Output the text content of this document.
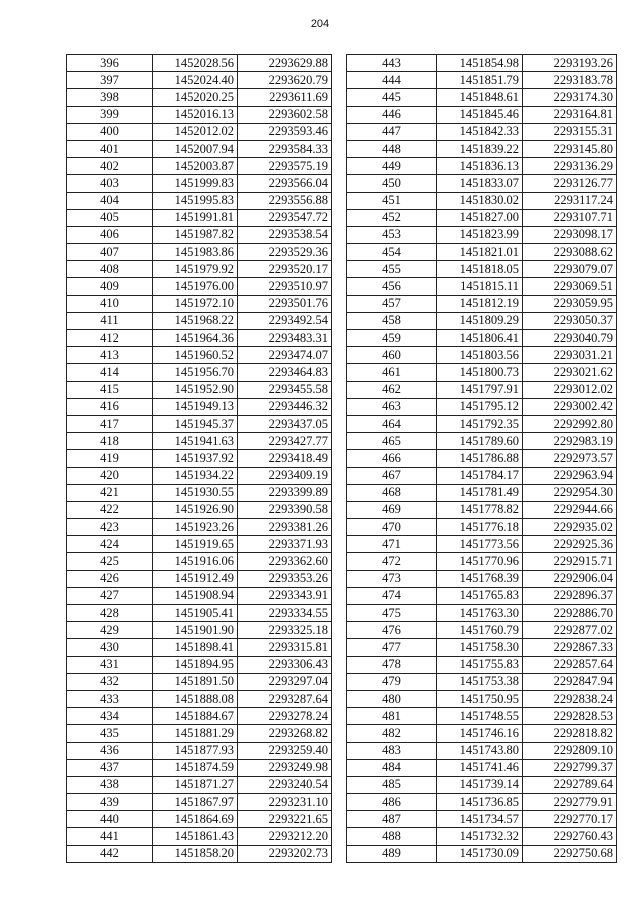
204
396	1452028.56	2293629.88
397	1452024.40	2293620.79
398	1452020.25	2293611.69
399	1452016.13	2293602.58
400	1452012.02	2293593.46
401	1452007.94	2293584.33
402	1452003.87	2293575.19
403	1451999.83	2293566.04
404	1451995.83	2293556.88
405	1451991.81	2293547.72
406	1451987.82	2293538.54
407	1451983.86	2293529.36
408	1451979.92	2293520.17
409	1451976.00	2293510.97
410	1451972.10	2293501.76
411	1451968.22	2293492.54
412	1451964.36	2293483.31
413	1451960.52	2293474.07
414	1451956.70	2293464.83
415	1451952.90	2293455.58
416	1451949.13	2293446.32
417	1451945.37	2293437.05
418	1451941.63	2293427.77
419	1451937.92	2293418.49
420	1451934.22	2293409.19
421	1451930.55	2293399.89
422	1451926.90	2293390.58
423	1451923.26	2293381.26
424	1451919.65	2293371.93
425	1451916.06	2293362.60
426	1451912.49	2293353.26
427	1451908.94	2293343.91
428	1451905.41	2293334.55
429	1451901.90	2293325.18
430	1451898.41	2293315.81
431	1451894.95	2293306.43
432	1451891.50	2293297.04
433	1451888.08	2293287.64
434	1451884.67	2293278.24
435	1451881.29	2293268.82
436	1451877.93	2293259.40
437	1451874.59	2293249.98
438	1451871.27	2293240.54
439	1451867.97	2293231.10
440	1451864.69	2293221.65
441	1451861.43	2293212.20
442	1451858.20	2293202.73
443	1451854.98	2293193.26
444	1451851.79	2293183.78
445	1451848.61	2293174.30
446	1451845.46	2293164.81
447	1451842.33	2293155.31
448	1451839.22	2293145.80
449	1451836.13	2293136.29
450	1451833.07	2293126.77
451	1451830.02	2293117.24
452	1451827.00	2293107.71
453	1451823.99	2293098.17
454	1451821.01	2293088.62
455	1451818.05	2293079.07
456	1451815.11	2293069.51
457	1451812.19	2293059.95
458	1451809.29	2293050.37
459	1451806.41	2293040.79
460	1451803.56	2293031.21
461	1451800.73	2293021.62
462	1451797.91	2293012.02
463	1451795.12	2293002.42
464	1451792.35	2292992.80
465	1451789.60	2292983.19
466	1451786.88	2292973.57
467	1451784.17	2292963.94
468	1451781.49	2292954.30
469	1451778.82	2292944.66
470	1451776.18	2292935.02
471	1451773.56	2292925.36
472	1451770.96	2292915.71
473	1451768.39	2292906.04
474	1451765.83	2292896.37
475	1451763.30	2292886.70
476	1451760.79	2292877.02
477	1451758.30	2292867.33
478	1451755.83	2292857.64
479	1451753.38	2292847.94
480	1451750.95	2292838.24
481	1451748.55	2292828.53
482	1451746.16	2292818.82
483	1451743.80	2292809.10
484	1451741.46	2292799.37
485	1451739.14	2292789.64
486	1451736.85	2292779.91
487	1451734.57	2292770.17
488	1451732.32	2292760.43
489	1451730.09	2292750.68
